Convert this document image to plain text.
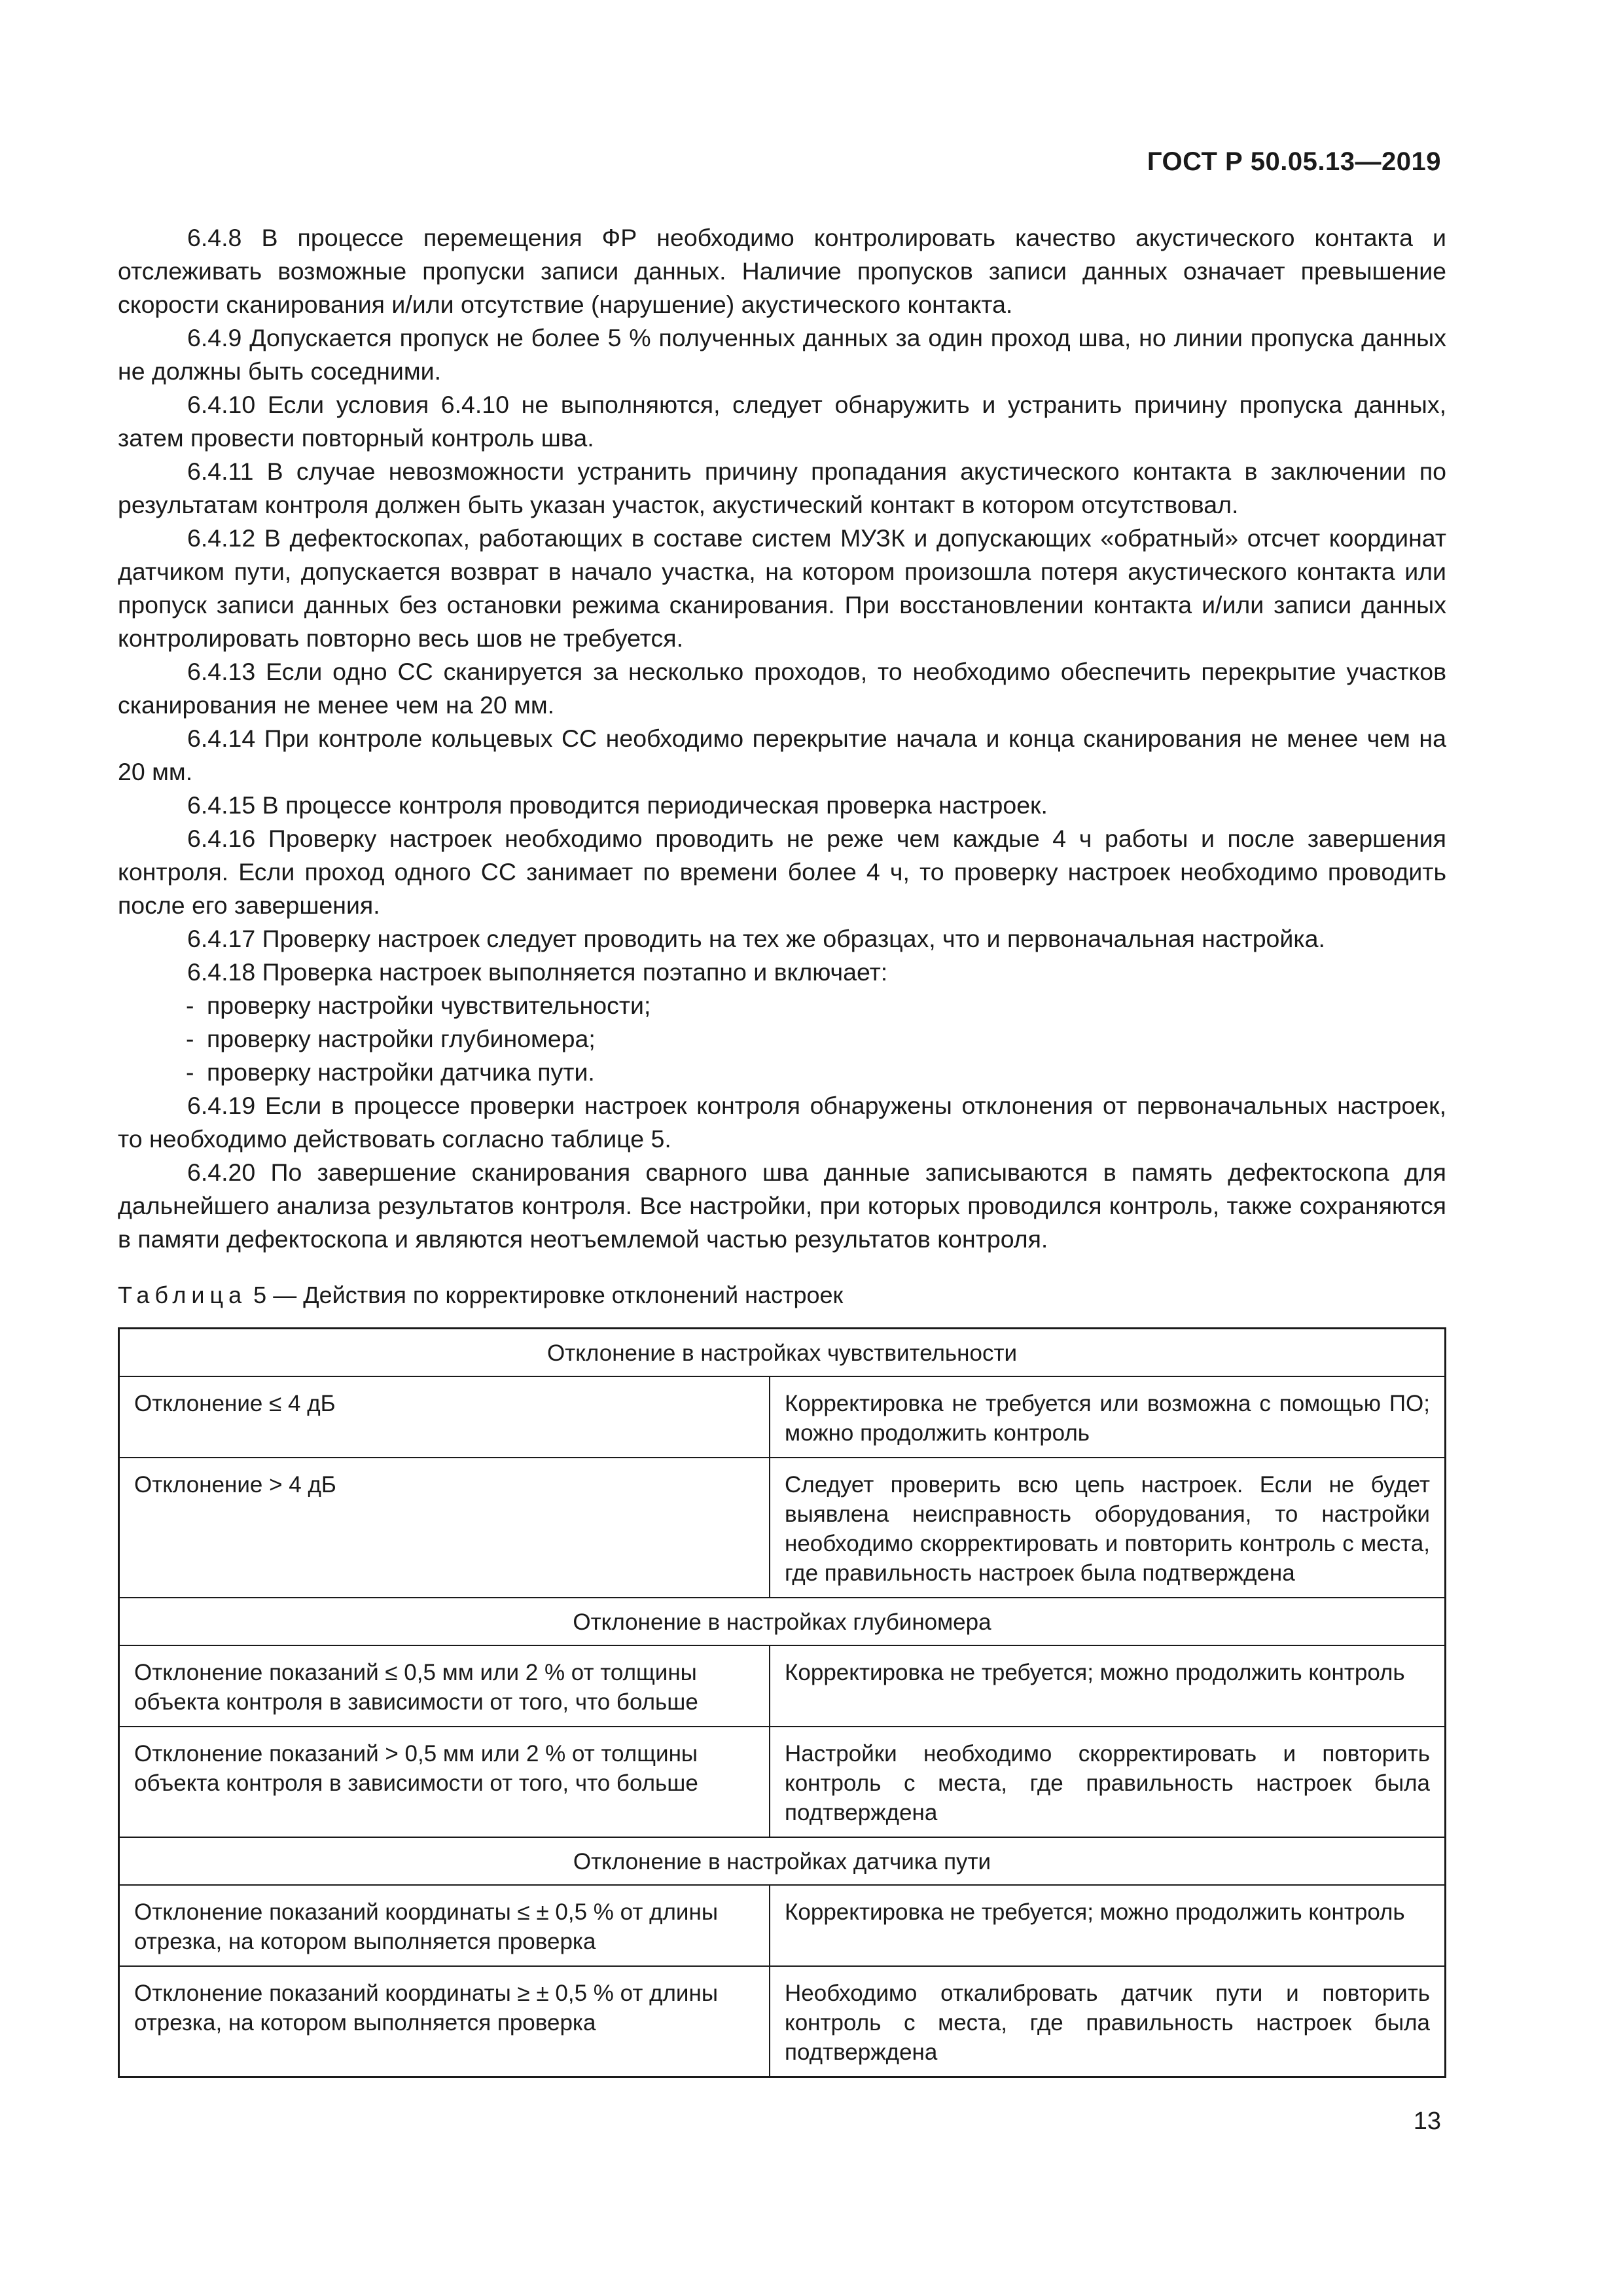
ГОСТ Р 50.05.13—2019

6.4.8 В процессе перемещения ФР необходимо контролировать качество акустического контакта и отслеживать возможные пропуски записи данных. Наличие пропусков записи данных означает превышение скорости сканирования и/или отсутствие (нарушение) акустического контакта.

6.4.9 Допускается пропуск не более 5 % полученных данных за один проход шва, но линии пропуска данных не должны быть соседними.

6.4.10 Если условия 6.4.10 не выполняются, следует обнаружить и устранить причину пропуска данных, затем провести повторный контроль шва.

6.4.11 В случае невозможности устранить причину пропадания акустического контакта в заключении по результатам контроля должен быть указан участок, акустический контакт в котором отсутствовал.

6.4.12 В дефектоскопах, работающих в составе систем МУЗК и допускающих «обратный» отсчет координат датчиком пути, допускается возврат в начало участка, на котором произошла потеря акустического контакта или пропуск записи данных без остановки режима сканирования. При восстановлении контакта и/или записи данных контролировать повторно весь шов не требуется.

6.4.13 Если одно СС сканируется за несколько проходов, то необходимо обеспечить перекрытие участков сканирования не менее чем на 20 мм.

6.4.14 При контроле кольцевых СС необходимо перекрытие начала и конца сканирования не менее чем на 20 мм.

6.4.15 В процессе контроля проводится периодическая проверка настроек.

6.4.16 Проверку настроек необходимо проводить не реже чем каждые 4 ч работы и после завершения контроля. Если проход одного СС занимает по времени более 4 ч, то проверку настроек необходимо проводить после его завершения.

6.4.17 Проверку настроек следует проводить на тех же образцах, что и первоначальная настройка.

6.4.18 Проверка настроек выполняется поэтапно и включает:

- проверку настройки чувствительности;

- проверку настройки глубиномера;

- проверку настройки датчика пути.

6.4.19 Если в процессе проверки настроек контроля обнаружены отклонения от первоначальных настроек, то необходимо действовать согласно таблице 5.

6.4.20 По завершение сканирования сварного шва данные записываются в память дефектоскопа для дальнейшего анализа результатов контроля. Все настройки, при которых проводился контроль, также сохраняются в памяти дефектоскопа и являются неотъемлемой частью результатов контроля.

Таблица 5 — Действия по корректировке отклонений настроек
Отклонение в настройках чувствительности	
Отклонение ≤ 4 дБ	Корректировка не требуется или возможна с помощью ПО; можно продолжить контроль
Отклонение > 4 дБ	Следует проверить всю цепь настроек. Если не будет выявлена неисправность оборудования, то настройки необходимо скорректировать и повторить контроль с места, где правильность настроек была подтверждена
Отклонение в настройках глубиномера	
Отклонение показаний ≤ 0,5 мм или 2 % от толщины объекта контроля в зависимости от того, что больше	Корректировка не требуется; можно продолжить контроль
Отклонение показаний > 0,5 мм или 2 % от толщины объекта контроля в зависимости от того, что больше	Настройки необходимо скорректировать и повторить контроль с места, где правильность настроек была подтверждена
Отклонение в настройках датчика пути	
Отклонение показаний координаты ≤ ± 0,5 % от длины отрезка, на котором выполняется проверка	Корректировка не требуется; можно продолжить контроль
Отклонение показаний координаты ≥ ± 0,5 % от длины отрезка, на котором выполняется проверка	Необходимо откалибровать датчик пути и повторить контроль с места, где правильность настроек была подтверждена
13
